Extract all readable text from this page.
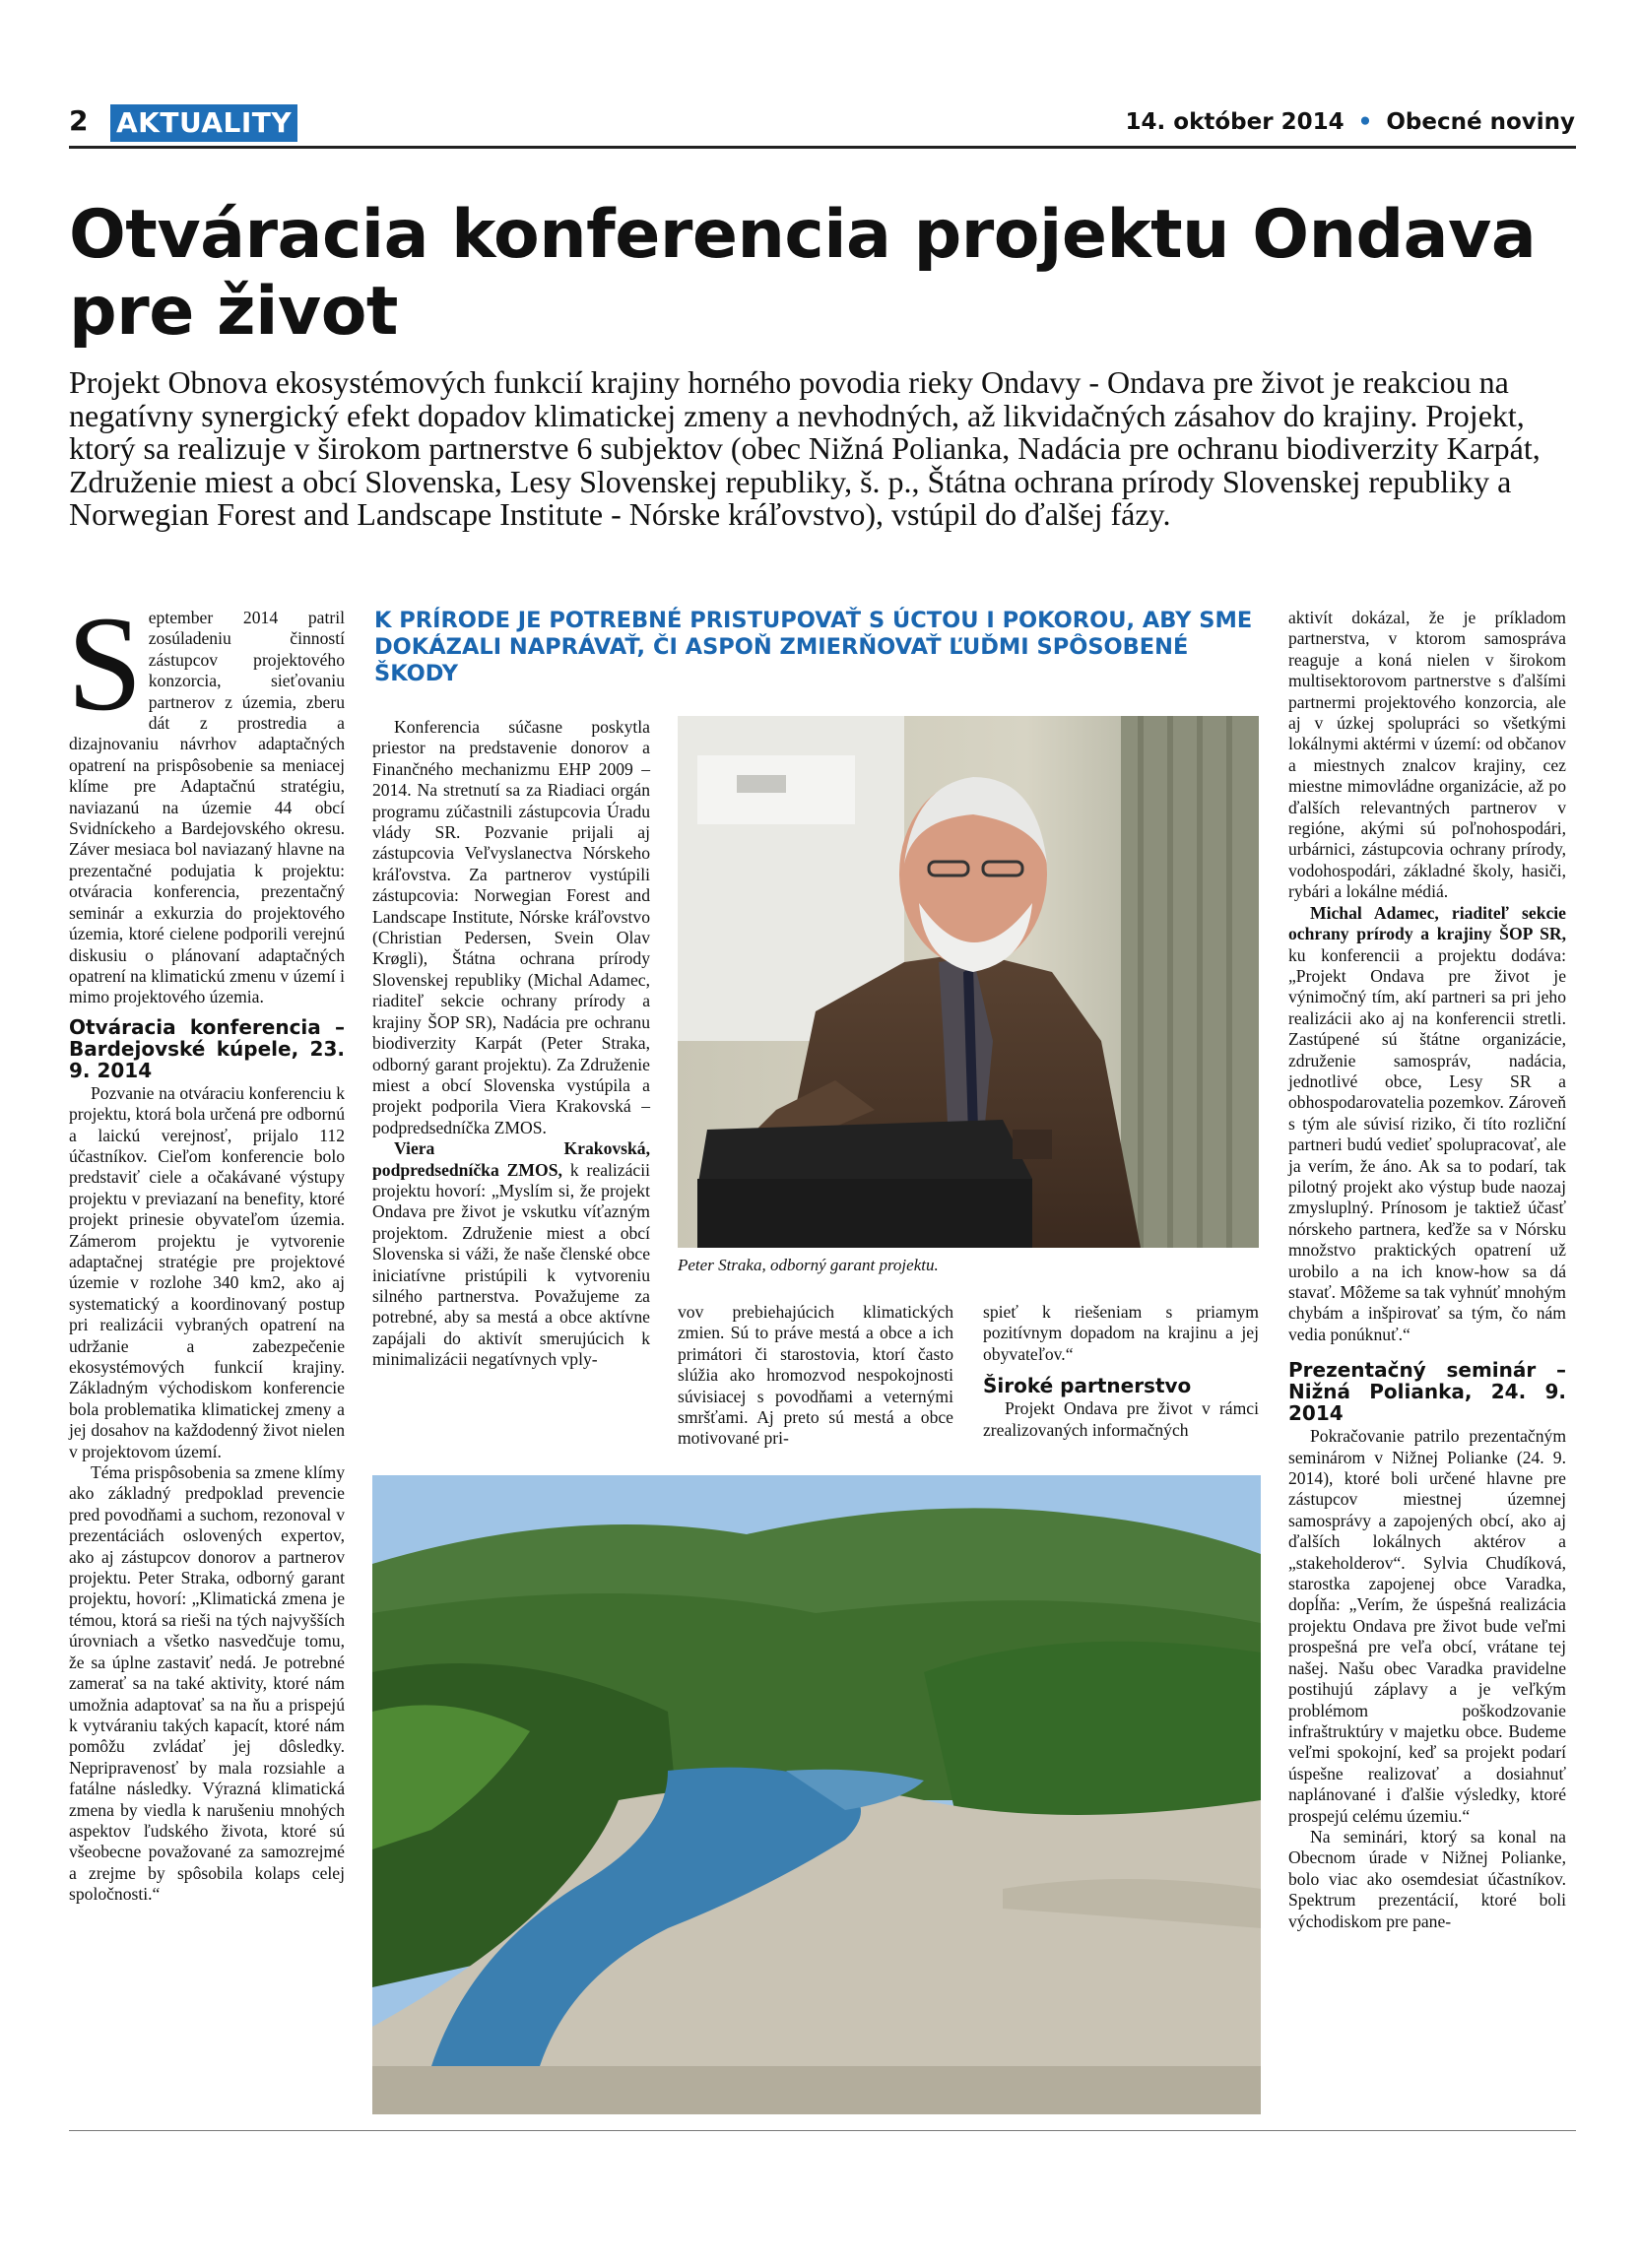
2 AKTUALITY	14. október 2014 • Obecné noviny
Otváracia konferencia projektu Ondava
pre život
Projekt Obnova ekosystémových funkcií krajiny horného povodia rieky Ondavy - Ondava pre život je reakciou na negatívny synergický efekt dopadov klimatickej zmeny a nevhodných, až likvidačných zásahov do krajiny. Projekt, ktorý sa realizuje v širokom partnerstve 6 subjektov (obec Nižná Polianka, Nadácia pre ochranu biodiverzity Karpát, Združenie miest a obcí Slovenska, Lesy Slovenskej republiky, š. p., Štátna ochrana prírody Slovenskej republiky a Norwegian Forest and Landscape Institute - Nórske kráľovstvo), vstúpil do ďalšej fázy.
S eptember 2014 patril zosúladeniu činností zástupcov projektového konzorcia, sieťovaniu partnerov z územia, zberu dát z prostredia a dizajnovaniu návrhov adaptačných opatrení na prispôsobenie sa meniacej klíme pre Adaptačnú stratégiu, naviazanú na územie 44 obcí Svidníckeho a Bardejovského okresu. Záver mesiaca bol naviazaný hlavne na prezentačné podujatia k projektu: otváracia konferencia, prezentačný seminár a exkurzia do projektového územia, ktoré cielene podporili verejnú diskusiu o plánovaní adaptačných opatrení na klimatickú zmenu v území i mimo projektového územia.

Otváracia konferencia – Bardejovské kúpele, 23. 9. 2014

Pozvanie na otváraciu konferenciu k projektu, ktorá bola určená pre odbornú a laickú verejnosť, prijalo 112 účastníkov. Cieľom konferencie bolo predstaviť ciele a očakávané výstupy projektu v previazaní na benefity, ktoré projekt prinesie obyvateľom územia. Zámerom projektu je vytvorenie adaptačnej stratégie pre projektové územie v rozlohe 340 km2, ako aj systematický a koordinovaný postup pri realizácii vybraných opatrení na udržanie a zabezpečenie ekosystémových funkcií krajiny. Základným východiskom konferencie bola problematika klimatickej zmeny a jej dosahov na každodenný život nielen v projektovom území.

Téma prispôsobenia sa zmene klímy ako základný predpoklad prevencie pred povodňami a suchom, rezonoval v prezentáciách oslovených expertov, ako aj zástupcov donorov a partnerov projektu. Peter Straka, odborný garant projektu, hovorí: „Klimatická zmena je témou, ktorá sa rieši na tých najvyšších úrovniach a všetko nasvedčuje tomu, že sa úplne zastaviť nedá. Je potrebné zamerať sa na také aktivity, ktoré nám umožnia adaptovať sa na ňu a prispejú k vytváraniu takých kapacít, ktoré nám pomôžu zvládať jej dôsledky. Nepripravenosť by mala rozsiahle a fatálne následky. Výrazná klimatická zmena by viedla k narušeniu mnohých aspektov ľudského života, ktoré sú všeobecne považované za samozrejmé a zrejme by spôsobila kolaps celej spoločnosti.“

K PRÍRODE JE POTREBNÉ PRISTUPOVAŤ S ÚCTOU I POKOROU, ABY SME DOKÁZALI NAPRÁVAŤ, ČI ASPOŇ ZMIERŇOVAŤ ĽUĎMI SPÔSOBENÉ ŠKODY

Konferencia súčasne poskytla priestor na predstavenie donorov a Finančného mechanizmu EHP 2009 – 2014. Na stretnutí sa za Riadiaci orgán programu zúčastnili zástupcovia Úradu vlády SR. Pozvanie prijali aj zástupcovia Veľvyslanectva Nórskeho kráľovstva. Za partnerov vystúpili zástupcovia: Norwegian Forest and Landscape Institute, Nórske kráľovstvo (Christian Pedersen, Svein Olav Krøgli), Štátna ochrana prírody Slovenskej republiky (Michal Adamec, riaditeľ sekcie ochrany prírody a krajiny ŠOP SR), Nadácia pre ochranu biodiverzity Karpát (Peter Straka, odborný garant projektu). Za Združenie miest a obcí Slovenska vystúpila a projekt podporila Viera Krakovská – podpredsedníčka ZMOS.

Viera Krakovská, podpredsedníčka ZMOS, k realizácii projektu hovorí: „Myslím si, že projekt Ondava pre život je vskutku víťazným projektom. Združenie miest a obcí Slovenska si váži, že naše členské obce iniciatívne pristúpili k vytvoreniu silného partnerstva. Považujeme za potrebné, aby sa mestá a obce aktívne zapájali do aktivít smerujúcich k minimalizácii negatívnych vply-

Peter Straka, odborný garant projektu.

vov prebiehajúcich klimatických zmien. Sú to práve mestá a obce a ich primátori či starostovia, ktorí často slúžia ako hromozvod nespokojnosti súvisiacej s povodňami a veternými smršťami. Aj preto sú mestá a obce motivované pri-

spieť k riešeniam s priamym pozitívnym dopadom na krajinu a jej obyvateľov.“

Široké partnerstvo

Projekt Ondava pre život v rámci zrealizovaných informačných

aktivít dokázal, že je príkladom partnerstva, v ktorom samospráva reaguje a koná nielen v širokom multisektorovom partnerstve s ďalšími partnermi projektového konzorcia, ale aj v úzkej spolupráci so všetkými lokálnymi aktérmi v území: od občanov a miestnych znalcov krajiny, cez miestne mimovládne organizácie, až po ďalších relevantných partnerov v regióne, akými sú poľnohospodári, urbárnici, zástupcovia ochrany prírody, vodohospodári, základné školy, hasiči, rybári a lokálne médiá.

Michal Adamec, riaditeľ sekcie ochrany prírody a krajiny ŠOP SR, ku konferencii a projektu dodáva: „Projekt Ondava pre život je výnimočný tím, akí partneri sa pri jeho realizácii ako aj na konferencii stretli. Zastúpené sú štátne organizácie, združenie samospráv, nadácia, jednotlivé obce, Lesy SR a obhospodarovatelia pozemkov. Zároveň s tým ale súvisí riziko, či títo rozliční partneri budú vedieť spolupracovať, ale ja verím, že áno. Ak sa to podarí, tak pilotný projekt ako výstup bude naozaj zmysluplný. Prínosom je taktiež účasť nórskeho partnera, keďže sa v Nórsku množstvo praktických opatrení už urobilo a na ich know-how sa dá stavať. Môžeme sa tak vyhnúť mnohým chybám a inšpirovať sa tým, čo nám vedia ponúknuť.“

Prezentačný seminár – Nižná Polianka, 24. 9. 2014

Pokračovanie patrilo prezentačným seminárom v Nižnej Polianke (24. 9. 2014), ktoré boli určené hlavne pre zástupcov miestnej územnej samosprávy a zapojených obcí, ako aj ďalších lokálnych aktérov a „stakeholderov“. Sylvia Chudíková, starostka zapojenej obce Varadka, dopĺňa: „Verím, že úspešná realizácia projektu Ondava pre život bude veľmi prospešná pre veľa obcí, vrátane tej našej. Našu obec Varadka pravidelne postihujú záplavy a je veľkým problémom poškodzovanie infraštruktúry v majetku obce. Budeme veľmi spokojní, keď sa projekt podarí úspešne realizovať a dosiahnuť naplánované i ďalšie výsledky, ktoré prospejú celému územiu.“

Na seminári, ktorý sa konal na Obecnom úrade v Nižnej Polianke, bolo viac ako osemdesiat účastníkov. Spektrum prezentácií, ktoré boli východiskom pre pane-
